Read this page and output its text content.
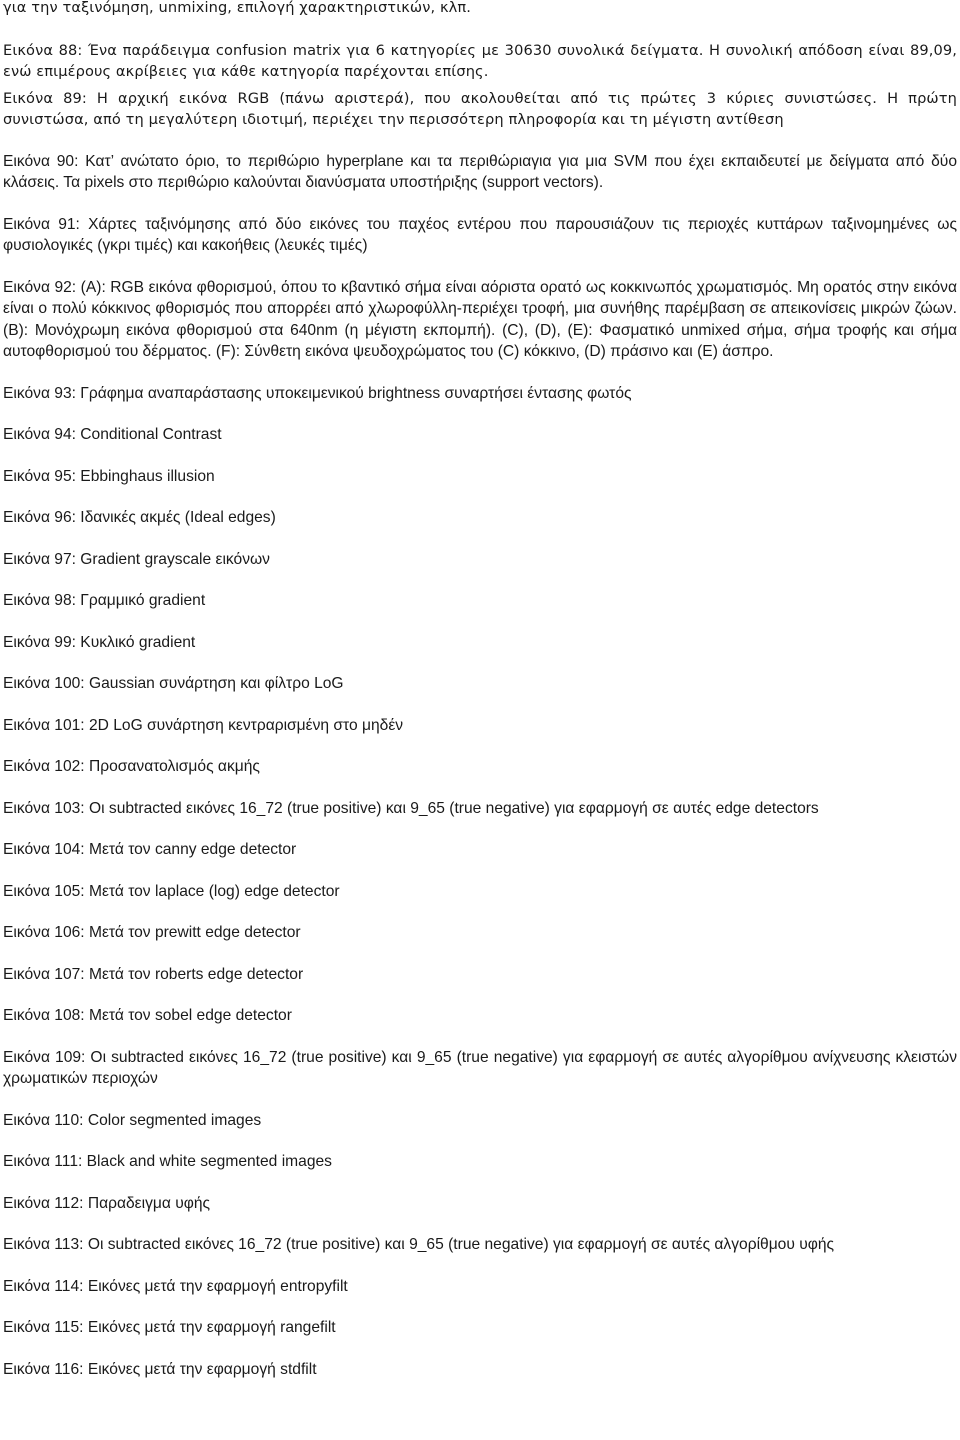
για την ταξινόμηση, unmixing, επιλογή χαρακτηριστικών, κλπ.

Εικόνα 88: Ένα παράδειγμα confusion matrix για 6 κατηγορίες με 30630 συνολικά δείγματα. Η συνολική απόδοση είναι 89,09, ενώ επιμέρους ακρίβειες για κάθε κατηγορία παρέχονται επίσης.

Εικόνα 89: Η αρχική εικόνα RGB (πάνω αριστερά), που ακολουθείται από τις πρώτες 3 κύριες συνιστώσες. Η πρώτη συνιστώσα, από τη μεγαλύτερη ιδιοτιμή, περιέχει την περισσότερη πληροφορία και τη μέγιστη αντίθεση

Εικόνα 90: Κατ’ ανώτατο όριο, το περιθώριο hyperplane και τα περιθώριαγια για μια SVM που έχει εκπαιδευτεί με δείγματα από δύο κλάσεις. Τα pixels στο περιθώριο καλούνται διανύσματα υποστήριξης (support vectors).

Εικόνα 91: Χάρτες ταξινόμησης από δύο εικόνες του παχέος εντέρου που παρουσιάζουν τις περιοχές κυττάρων ταξινομημένες ως φυσιολογικές (γκρι τιμές) και κακοήθεις (λευκές τιμές)

Εικόνα 92: (A): RGB εικόνα φθορισμού, όπου το κβαντικό σήμα είναι αόριστα ορατό ως κοκκινωπός χρωματισμός. Μη ορατός στην εικόνα είναι ο πολύ κόκκινος φθορισμός που απορρέει από χλωροφύλλη-περιέχει τροφή, μια συνήθης παρέμβαση σε απεικονίσεις μικρών ζώων. (B): Μονόχρωμη εικόνα φθορισμού στα 640nm (η μέγιστη εκπομπή). (C), (D), (E): Φασματικό unmixed σήμα, σήμα τροφής και σήμα αυτοφθορισμού του δέρματος. (F): Σύνθετη εικόνα ψευδοχρώματος του (C) κόκκινο, (D) πράσινο και (E) άσπρο.

Εικόνα 93: Γράφημα αναπαράστασης υποκειμενικού brightness συναρτήσει έντασης φωτός

Εικόνα 94: Conditional Contrast

Εικόνα 95: Ebbinghaus illusion

Εικόνα 96: Ιδανικές ακμές (Ideal edges)

Εικόνα 97: Gradient grayscale εικόνων

Εικόνα 98: Γραμμικό gradient

Εικόνα 99: Κυκλικό gradient

Εικόνα 100: Gaussian συνάρτηση και φίλτρο LoG

Εικόνα 101: 2D LoG συνάρτηση κεντραρισμένη στο μηδέν

Εικόνα 102: Προσανατολισμός ακμής

Εικόνα 103: Οι subtracted εικόνες 16_72 (true positive) και 9_65 (true negative) για εφαρμογή σε αυτές edge detectors

Εικόνα 104: Μετά τον canny edge detector

Εικόνα 105: Μετά τον laplace (log) edge detector

Εικόνα 106: Μετά τον prewitt edge detector

Εικόνα 107: Μετά τον roberts edge detector

Εικόνα 108: Μετά τον sobel edge detector

Εικόνα 109: Οι subtracted εικόνες 16_72 (true positive) και 9_65 (true negative) για εφαρμογή σε αυτές αλγορίθμου ανίχνευσης κλειστών χρωματικών περιοχών

Εικόνα 110: Color segmented images

Εικόνα 111: Black and white segmented images

Εικόνα 112: Παραδειγμα υφής

Εικόνα 113: Οι subtracted εικόνες 16_72 (true positive) και 9_65 (true negative) για εφαρμογή σε αυτές αλγορίθμου υφής

Εικόνα 114: Εικόνες μετά την εφαρμογή entropyfilt

Εικόνα 115: Εικόνες μετά την εφαρμογή rangefilt

Εικόνα 116: Εικόνες μετά την εφαρμογή stdfilt
